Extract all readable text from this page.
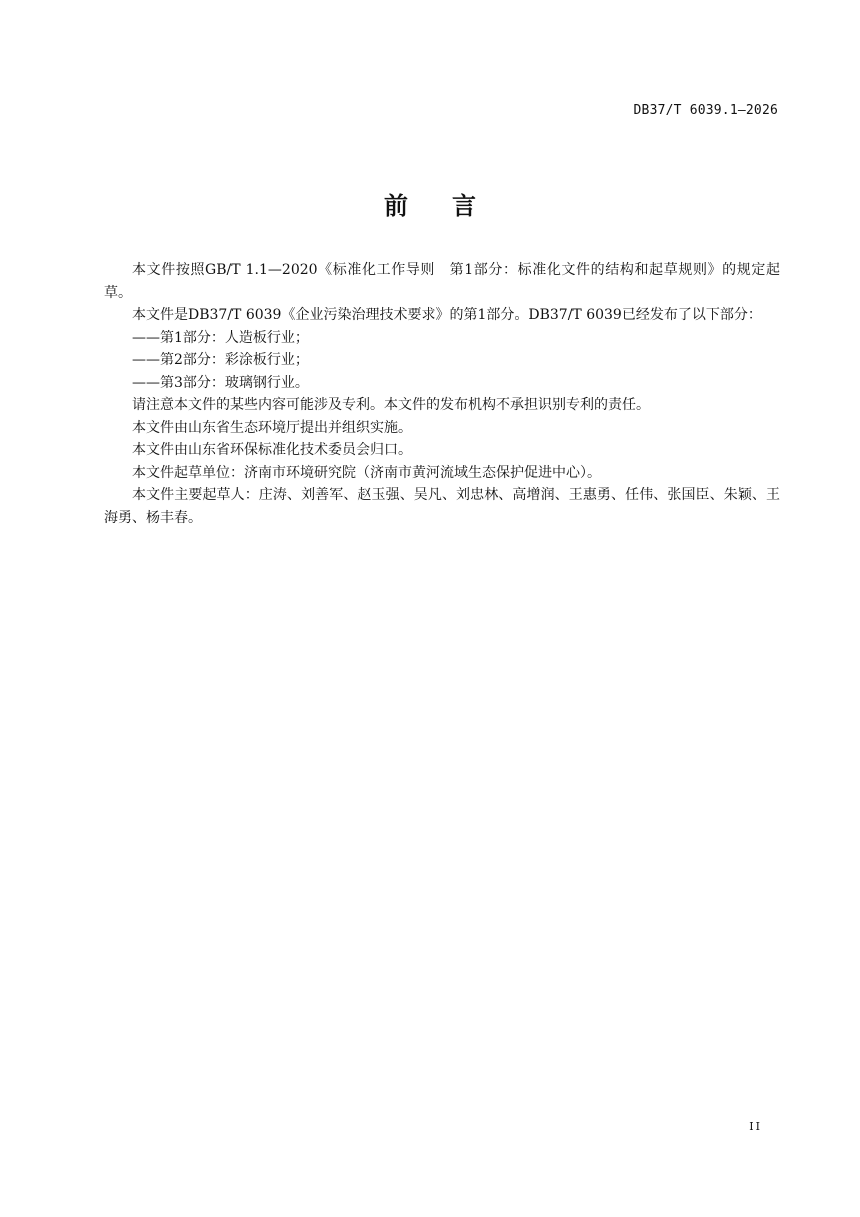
DB37/T 6039.1—2026
前 言

本文件按照GB/T 1.1—2020《标准化工作导则　第1部分：标准化文件的结构和起草规则》的规定起草。

本文件是DB37/T 6039《企业污染治理技术要求》的第1部分。DB37/T 6039已经发布了以下部分：

——第1部分：人造板行业；

——第2部分：彩涂板行业；

——第3部分：玻璃钢行业。

请注意本文件的某些内容可能涉及专利。本文件的发布机构不承担识别专利的责任。

本文件由山东省生态环境厅提出并组织实施。

本文件由山东省环保标准化技术委员会归口。

本文件起草单位：济南市环境研究院（济南市黄河流域生态保护促进中心）。

本文件主要起草人：庄涛、刘善军、赵玉强、吴凡、刘忠林、高增润、王惠勇、任伟、张国臣、朱颖、王海勇、杨丰春。

II
